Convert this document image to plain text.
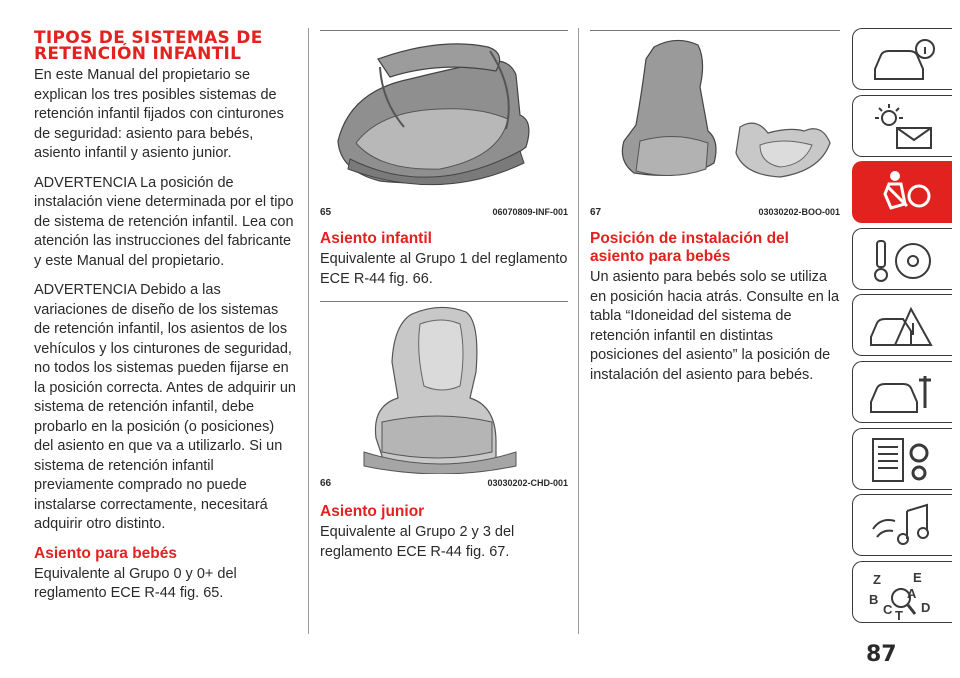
TIPOS DE SISTEMAS DE RETENCIÓN INFANTIL

En este Manual del propietario se explican los tres posibles sistemas de retención infantil fijados con cinturones de seguridad: asiento para bebés, asiento infantil y asiento junior.

ADVERTENCIA La posición de instalación viene determinada por el tipo de sistema de retención infantil. Lea con atención las instrucciones del fabricante y este Manual del propietario.

ADVERTENCIA Debido a las variaciones de diseño de los sistemas de retención infantil, los asientos de los vehículos y los cinturones de seguridad, no todos los sistemas pueden fijarse en la posición correcta. Antes de adquirir un sistema de retención infantil, debe probarlo en la posición (o posiciones) del asiento en que va a utilizarlo. Si un sistema de retención infantil previamente comprado no puede instalarse correctamente, necesitará adquirir otro distinto.

Asiento para bebés

Equivalente al Grupo 0 y 0+ del reglamento ECE R-44 fig. 65.

65	06070809-INF-001
Asiento infantil

Equivalente al Grupo 1 del reglamento ECE R-44 fig. 66.

66	03030202-CHD-001
Asiento junior

Equivalente al Grupo 2 y 3 del reglamento ECE R-44 fig. 67.

67	03030202-BOO-001
Posición de instalación del asiento para bebés

Un asiento para bebés solo se utiliza en posición hacia atrás. Consulte en la tabla “Idoneidad del sistema de retención infantil en distintas posiciones del asiento” la posición de instalación del asiento para bebés.

Z E
A
B
C D
T
87
